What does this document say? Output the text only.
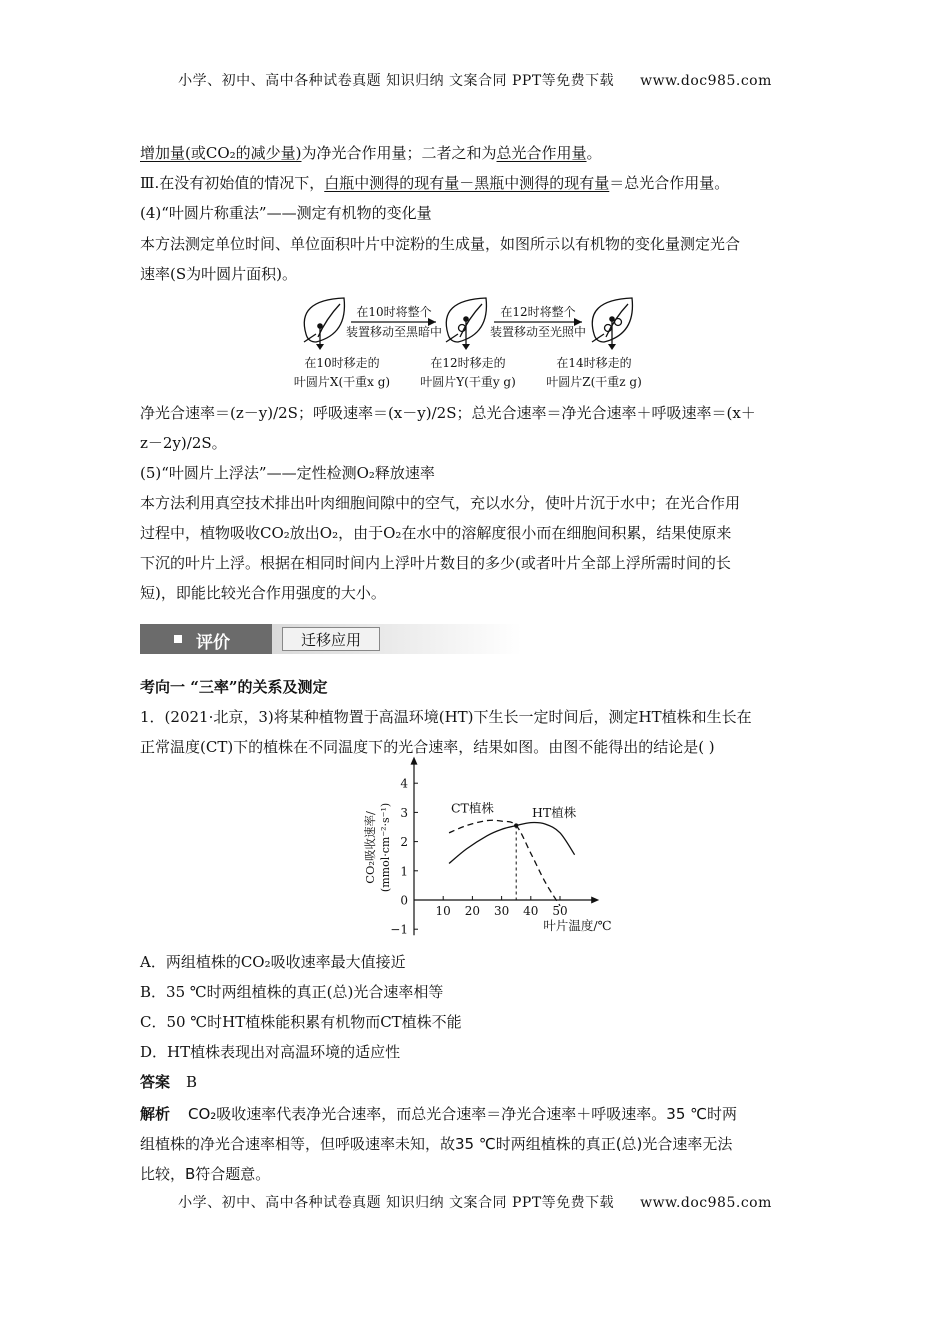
小学、初中、高中各种试卷真题 知识归纳 文案合同 PPT等免费下载 www.doc985.com
增加量(或CO₂的减少量)为净光合作用量；二者之和为总光合作用量。
Ⅲ.在没有初始值的情况下，白瓶中测得的现有量－黑瓶中测得的现有量＝总光合作用量。
(4)“叶圆片称重法”——测定有机物的变化量
本方法测定单位时间、单位面积叶片中淀粉的生成量，如图所示以有机物的变化量测定光合
速率(S为叶圆片面积)。
在10时将整个
装置移动至黑暗中
在12时将整个
装置移动至光照中
在10时移走的
叶圆片X(干重x g)
在12时移走的
叶圆片Y(干重y g)
在14时移走的
叶圆片Z(干重z g)
净光合速率＝(z－y)/2S；呼吸速率＝(x－y)/2S；总光合速率＝净光合速率＋呼吸速率＝(x＋
z－2y)/2S。
(5)“叶圆片上浮法”——定性检测O₂释放速率
本方法利用真空技术排出叶肉细胞间隙中的空气，充以水分，使叶片沉于水中；在光合作用
过程中，植物吸收CO₂放出O₂，由于O₂在水中的溶解度很小而在细胞间积累，结果使原来
下沉的叶片上浮。根据在相同时间内上浮叶片数目的多少(或者叶片全部上浮所需时间的长
短)，即能比较光合作用强度的大小。
评价	迁移应用
考向一 “三率”的关系及测定
1．(2021·北京，3)将某种植物置于高温环境(HT)下生长一定时间后，测定HT植株和生长在
正常温度(CT)下的植株在不同温度下的光合速率，结果如图。由图不能得出的结论是( )
−1
0
1
2
3
4
10 20 30 40 50
叶片温度/℃
CO₂吸收速率/ (mmol·cm⁻²·s⁻¹)	CT植株	HT植株
A．两组植株的CO₂吸收速率最大值接近
B．35 ℃时两组植株的真正(总)光合速率相等
C．50 ℃时HT植株能积累有机物而CT植株不能
D．HT植株表现出对高温环境的适应性
答案 B
解析 CO₂吸收速率代表净光合速率，而总光合速率＝净光合速率＋呼吸速率。35 ℃时两
组植株的净光合速率相等，但呼吸速率未知，故35 ℃时两组植株的真正(总)光合速率无法
比较，B符合题意。
小学、初中、高中各种试卷真题 知识归纳 文案合同 PPT等免费下载 www.doc985.com
